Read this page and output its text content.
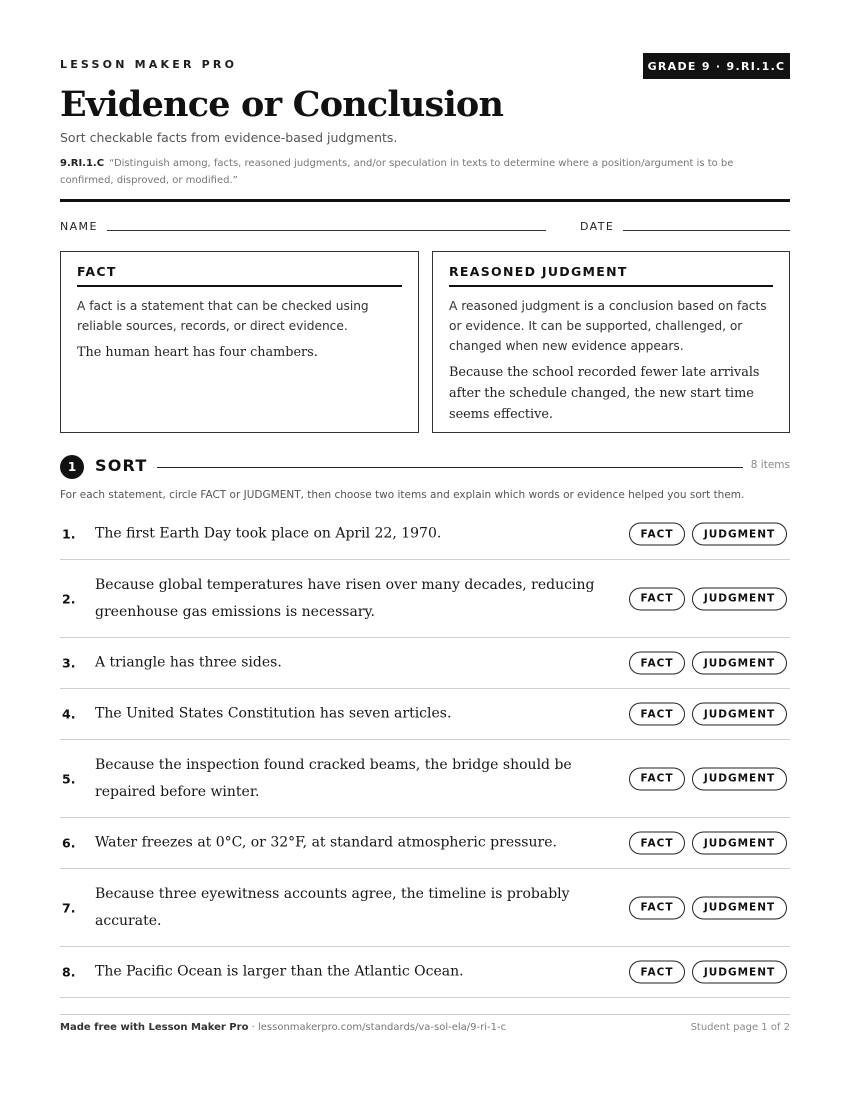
LESSON MAKER PRO	GRADE 9 · 9.RI.1.C
Evidence or Conclusion
Sort checkable facts from evidence-based judgments.
9.RI.1.C “Distinguish among, facts, reasoned judgments, and/or speculation in texts to determine where a position/argument is to be confirmed, disproved, or modified.”
NAME	DATE
FACT
A fact is a statement that can be checked using reliable sources, records, or direct evidence.
The human heart has four chambers.
REASONED JUDGMENT
A reasoned judgment is a conclusion based on facts or evidence. It can be supported, challenged, or changed when new evidence appears.
Because the school recorded fewer late arrivals after the schedule changed, the new start time seems effective.
1	SORT	8 items
For each statement, circle FACT or JUDGMENT, then choose two items and explain which words or evidence helped you sort them.
1. The first Earth Day took place on April 22, 1970.	FACT	JUDGMENT
2.
Because global temperatures have risen over many decades, reducing greenhouse gas emissions is necessary.
FACT	JUDGMENT
3. A triangle has three sides.	FACT	JUDGMENT
4. The United States Constitution has seven articles.	FACT	JUDGMENT
5.
Because the inspection found cracked beams, the bridge should be repaired before winter.
FACT	JUDGMENT
6. Water freezes at 0°C, or 32°F, at standard atmospheric pressure.	FACT	JUDGMENT
7.
Because three eyewitness accounts agree, the timeline is probably accurate.
FACT	JUDGMENT
8. The Pacific Ocean is larger than the Atlantic Ocean.	FACT	JUDGMENT
Made free with Lesson Maker Pro · lessonmakerpro.com/standards/va-sol-ela/9-ri-1-c	Student page 1 of 2
